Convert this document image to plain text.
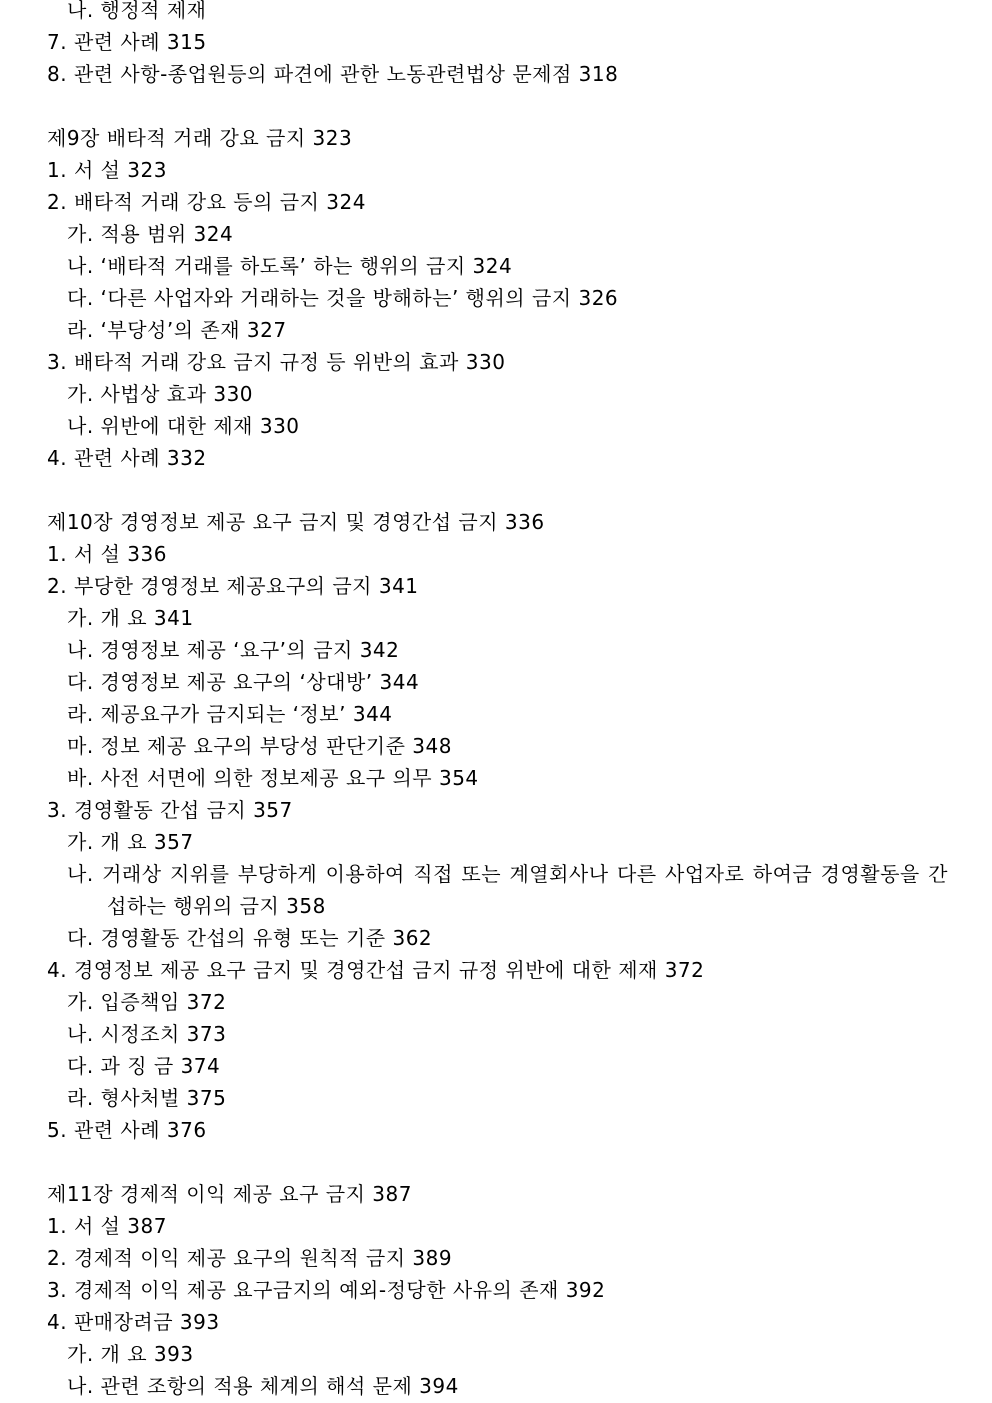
나. 행정적 제재
7. 관련 사례 315
8. 관련 사항-종업원등의 파견에 관한 노동관련법상 문제점 318
제9장 배타적 거래 강요 금지 323
1. 서 설 323
2. 배타적 거래 강요 등의 금지 324
가. 적용 범위 324
나. ‘배타적 거래를 하도록’ 하는 행위의 금지 324
다. ‘다른 사업자와 거래하는 것을 방해하는’ 행위의 금지 326
라. ‘부당성’의 존재 327
3. 배타적 거래 강요 금지 규정 등 위반의 효과 330
가. 사법상 효과 330
나. 위반에 대한 제재 330
4. 관련 사례 332
제10장 경영정보 제공 요구 금지 및 경영간섭 금지 336
1. 서 설 336
2. 부당한 경영정보 제공요구의 금지 341
가. 개 요 341
나. 경영정보 제공 ‘요구’의 금지 342
다. 경영정보 제공 요구의 ‘상대방’ 344
라. 제공요구가 금지되는 ‘정보’ 344
마. 정보 제공 요구의 부당성 판단기준 348
바. 사전 서면에 의한 정보제공 요구 의무 354
3. 경영활동 간섭 금지 357
가. 개 요 357
나. 거래상 지위를 부당하게 이용하여 직접 또는 계열회사나 다른 사업자로 하여금 경영활동을 간섭하는 행위의 금지 358
다. 경영활동 간섭의 유형 또는 기준 362
4. 경영정보 제공 요구 금지 및 경영간섭 금지 규정 위반에 대한 제재 372
가. 입증책임 372
나. 시정조치 373
다. 과 징 금 374
라. 형사처벌 375
5. 관련 사례 376
제11장 경제적 이익 제공 요구 금지 387
1. 서 설 387
2. 경제적 이익 제공 요구의 원칙적 금지 389
3. 경제적 이익 제공 요구금지의 예외-정당한 사유의 존재 392
4. 판매장려금 393
가. 개 요 393
나. 관련 조항의 적용 체계의 해석 문제 394
